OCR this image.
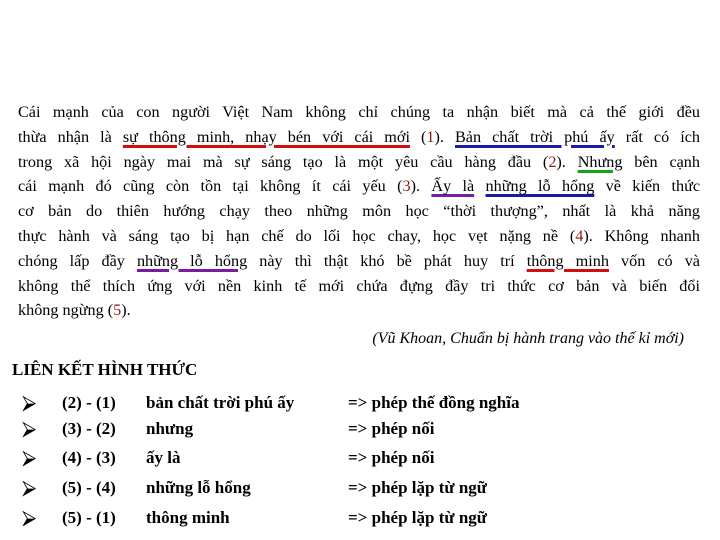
Cái mạnh của con người Việt Nam không chỉ chúng ta nhận biết mà cả thế giới đều
thừa nhận là sự thông minh, nhạy bén với cái mới (1). Bản chất trời phú ấy rất có ích
trong xã hội ngày mai mà sự sáng tạo là một yêu cầu hàng đầu (2). Nhưng bên cạnh
cái mạnh đó cũng còn tồn tại không ít cái yếu (3). Ấy là những lỗ hổng về kiến thức
cơ bản do thiên hướng chạy theo những môn học “thời thượng”, nhất là khả năng
thực hành và sáng tạo bị hạn chế do lối học chay, học vẹt nặng nề (4). Không nhanh
chóng lấp đầy những lỗ hổng này thì thật khó bề phát huy trí thông minh vốn có và
không thể thích ứng với nền kinh tế mới chứa đựng đầy tri thức cơ bản và biến đổi
không ngừng (5).
(Vũ Khoan, Chuẩn bị hành trang vào thế kỉ mới)
LIÊN KẾT HÌNH THỨC
⮚ (2) - (1) bản chất trời phú ấy	=> phép thế đồng nghĩa
⮚ (3) - (2) nhưng	=> phép nối
⮚ (4) - (3) ấy là	=> phép nối
⮚ (5) - (4) những lỗ hổng	=> phép lặp từ ngữ
⮚ (5) - (1) thông minh	=> phép lặp từ ngữ
